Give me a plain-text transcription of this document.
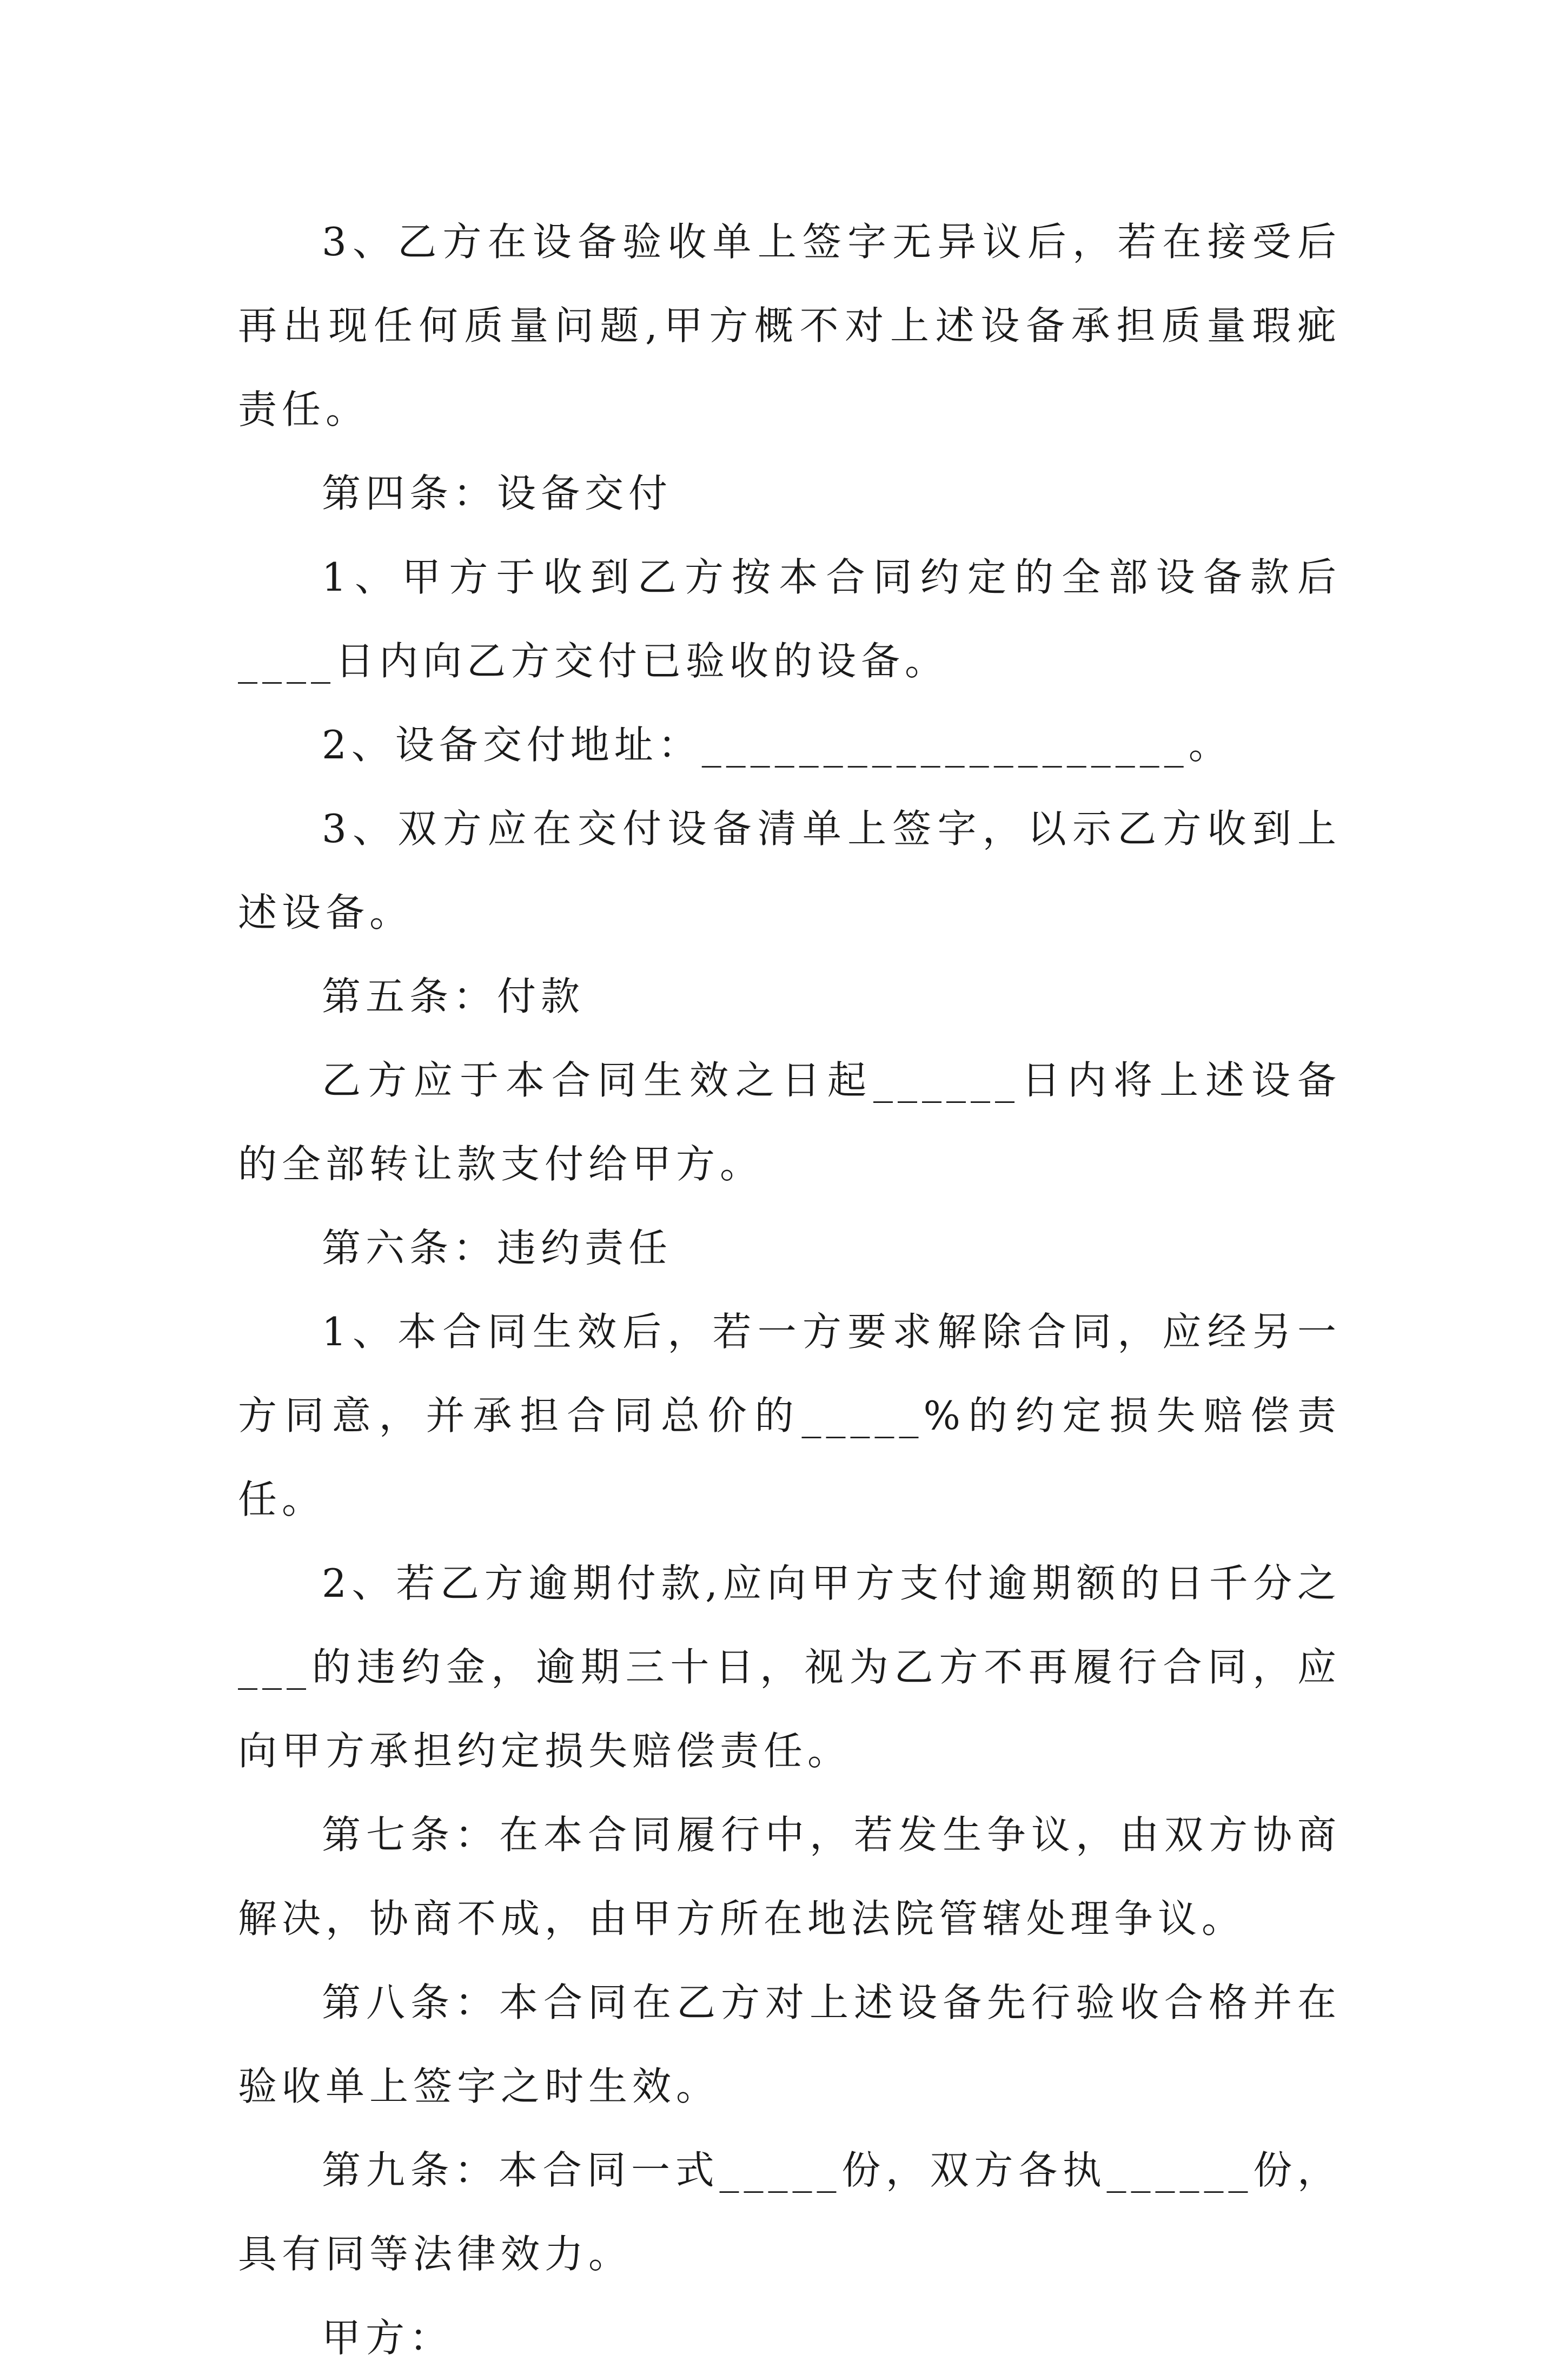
3、乙方在设备验收单上签字无异议后，若在接受后再出现任何质量问题,甲方概不对上述设备承担质量瑕疵责任。

第四条：设备交付

1、甲方于收到乙方按本合同约定的全部设备款后____日内向乙方交付已验收的设备。

2、设备交付地址：____________________。

3、双方应在交付设备清单上签字，以示乙方收到上述设备。

第五条：付款

乙方应于本合同生效之日起______日内将上述设备的全部转让款支付给甲方。

第六条：违约责任

1、本合同生效后，若一方要求解除合同，应经另一方同意，并承担合同总价的_____%的约定损失赔偿责任。

2、若乙方逾期付款,应向甲方支付逾期额的日千分之___的违约金，逾期三十日，视为乙方不再履行合同，应向甲方承担约定损失赔偿责任。

第七条：在本合同履行中，若发生争议，由双方协商解决，协商不成，由甲方所在地法院管辖处理争议。

第八条：本合同在乙方对上述设备先行验收合格并在验收单上签字之时生效。

第九条：本合同一式_____份，双方各执______份，具有同等法律效力。

甲方：
